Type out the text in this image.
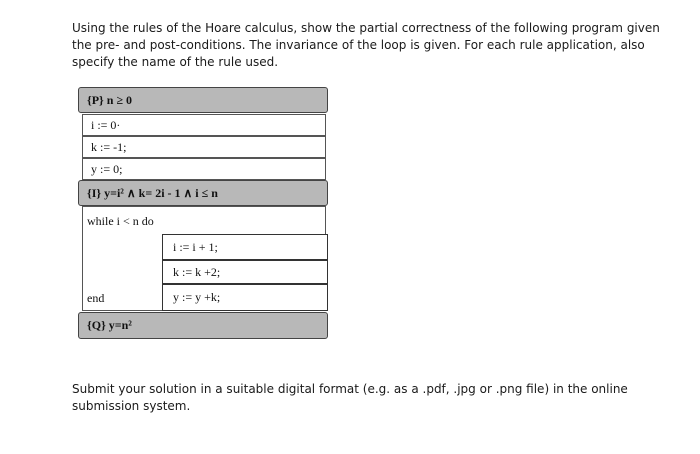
Using the rules of the Hoare calculus, show the partial correctness of the following program given the pre- and post-conditions. The invariance of the loop is given. For each rule application, also specify the name of the rule used.

{P} n ≥ 0
i := 0·
k := -1;
y := 0;
{I} y=i² ∧ k= 2i - 1 ∧ i ≤ n
while i < n do
end
i := i + 1;
k := k +2;
y := y +k;
{Q} y=n²

Submit your solution in a suitable digital format (e.g. as a .pdf, .jpg or .png file) in the online submission system.
